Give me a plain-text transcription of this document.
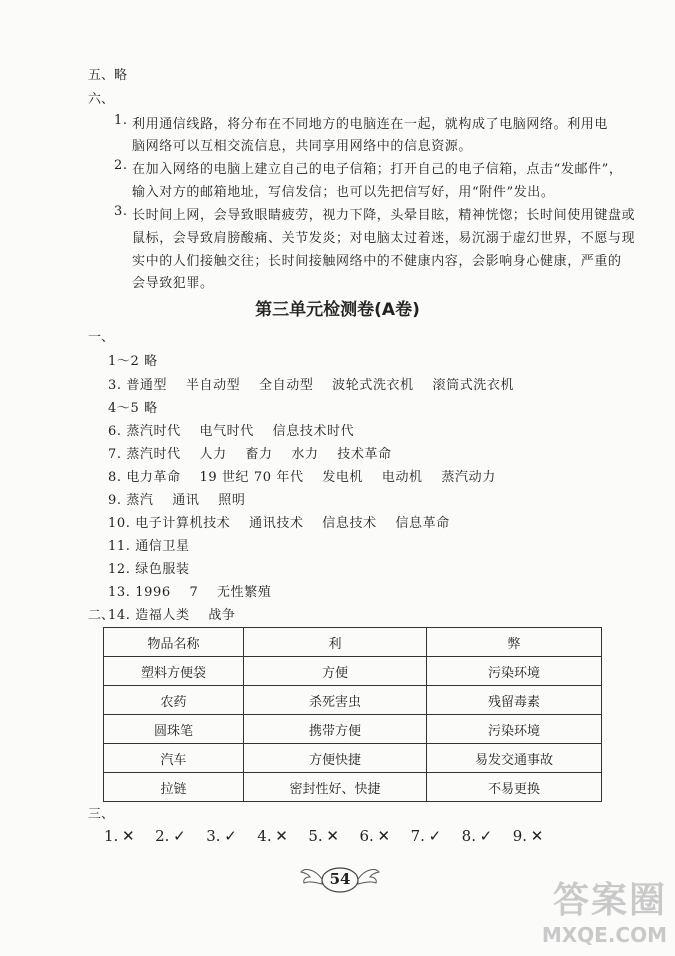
五、略
六、
1. 利用通信线路，将分布在不同地方的电脑连在一起，就构成了电脑网络。利用电
脑网络可以互相交流信息，共同享用网络中的信息资源。
2. 在加入网络的电脑上建立自己的电子信箱；打开自己的电子信箱，点击“发邮件”，
输入对方的邮箱地址，写信发信；也可以先把信写好，用“附件”发出。
3. 长时间上网，会导致眼睛疲劳，视力下降，头晕目眩，精神恍惚；长时间使用键盘或
鼠标，会导致肩膀酸痛、关节发炎；对电脑太过着迷，易沉溺于虚幻世界，不愿与现
实中的人们接触交往；长时间接触网络中的不健康内容，会影响身心健康，严重的
会导致犯罪。
第三单元检测卷(A卷)
一、
1～2 略
3. 普通型 半自动型 全自动型 波轮式洗衣机 滚筒式洗衣机
4～5 略
6. 蒸汽时代 电气时代 信息技术时代
7. 蒸汽时代 人力 畜力 水力 技术革命
8. 电力革命 19 世纪 70 年代 发电机 电动机 蒸汽动力
9. 蒸汽 通讯 照明
10. 电子计算机技术 通讯技术 信息技术 信息革命
11. 通信卫星
12. 绿色服装
13. 1996 7 无性繁殖
14. 造福人类 战争
二、
物品名称	利	弊
塑料方便袋	方便	污染环境
农药	杀死害虫	残留毒素
圆珠笔	携带方便	污染环境
汽车	方便快捷	易发交通事故
拉链	密封性好、快捷	不易更换
三、
1. ✕ 2. ✓ 3. ✓ 4. ✕ 5. ✕ 6. ✕ 7. ✓ 8. ✓ 9. ✕
54
答案圈
MXQE.COM
